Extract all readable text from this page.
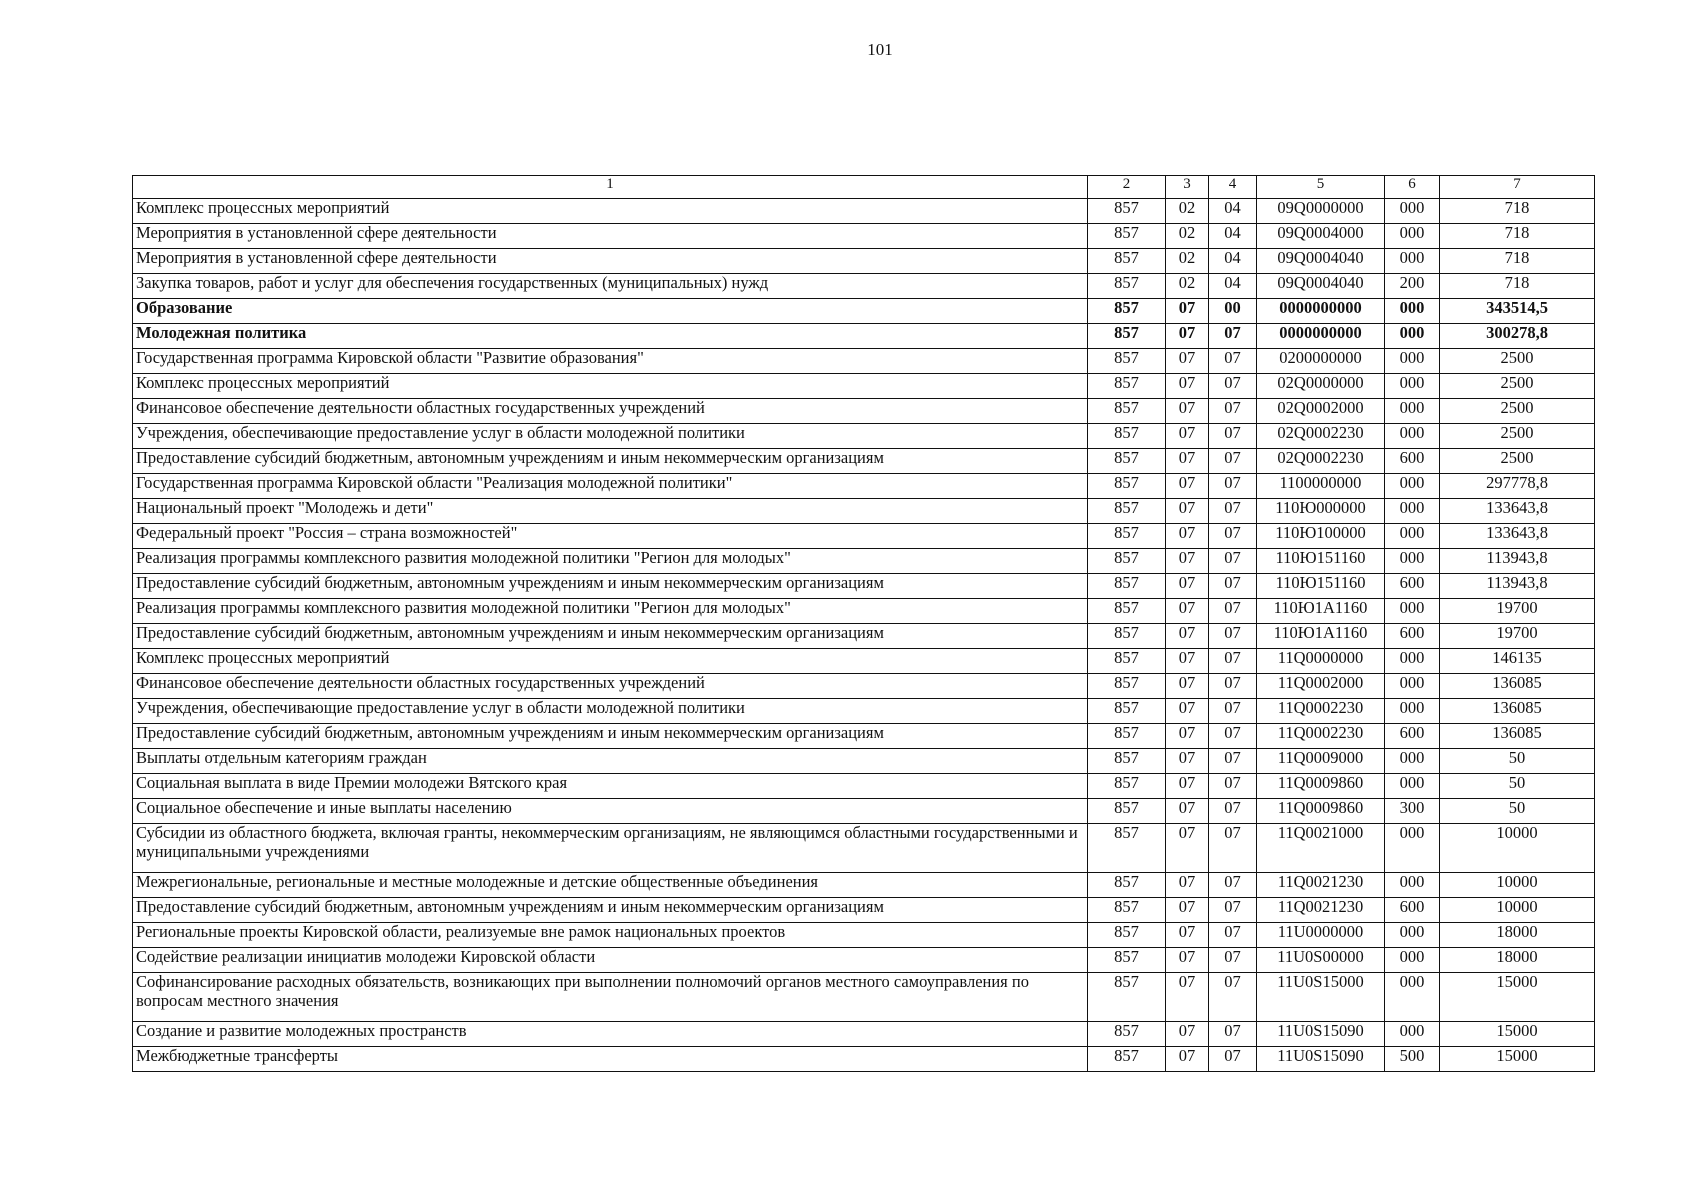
101
1	2	3	4	5	6	7
Комплекс процессных мероприятий	857	02	04	09Q0000000	000	718
Мероприятия в установленной сфере деятельности	857	02	04	09Q0004000	000	718
Мероприятия в установленной сфере деятельности	857	02	04	09Q0004040	000	718
Закупка товаров, работ и услуг для обеспечения государственных (муниципальных) нужд	857	02	04	09Q0004040	200	718
Образование	857	07	00	0000000000	000	343514,5
Молодежная политика	857	07	07	0000000000	000	300278,8
Государственная программа Кировской области "Развитие образования"	857	07	07	0200000000	000	2500
Комплекс процессных мероприятий	857	07	07	02Q0000000	000	2500
Финансовое обеспечение деятельности областных государственных учреждений	857	07	07	02Q0002000	000	2500
Учреждения, обеспечивающие предоставление услуг в области молодежной политики	857	07	07	02Q0002230	000	2500
Предоставление субсидий бюджетным, автономным учреждениям и иным некоммерческим организациям	857	07	07	02Q0002230	600	2500
Государственная программа Кировской области "Реализация молодежной политики"	857	07	07	1100000000	000	297778,8
Национальный проект "Молодежь и дети"	857	07	07	110Ю000000	000	133643,8
Федеральный проект "Россия – страна возможностей"	857	07	07	110Ю100000	000	133643,8
Реализация программы комплексного развития молодежной политики "Регион для молодых"	857	07	07	110Ю151160	000	113943,8
Предоставление субсидий бюджетным, автономным учреждениям и иным некоммерческим организациям	857	07	07	110Ю151160	600	113943,8
Реализация программы комплексного развития молодежной политики "Регион для молодых"	857	07	07	110Ю1А1160	000	19700
Предоставление субсидий бюджетным, автономным учреждениям и иным некоммерческим организациям	857	07	07	110Ю1А1160	600	19700
Комплекс процессных мероприятий	857	07	07	11Q0000000	000	146135
Финансовое обеспечение деятельности областных государственных учреждений	857	07	07	11Q0002000	000	136085
Учреждения, обеспечивающие предоставление услуг в области молодежной политики	857	07	07	11Q0002230	000	136085
Предоставление субсидий бюджетным, автономным учреждениям и иным некоммерческим организациям	857	07	07	11Q0002230	600	136085
Выплаты отдельным категориям граждан	857	07	07	11Q0009000	000	50
Социальная выплата в виде Премии молодежи Вятского края	857	07	07	11Q0009860	000	50
Социальное обеспечение и иные выплаты населению	857	07	07	11Q0009860	300	50
Субсидии из областного бюджета, включая гранты, некоммерческим организациям, не являющимся областными государственными и муниципальными учреждениями	857	07	07	11Q0021000	000	10000
Межрегиональные, региональные и местные молодежные и детские общественные объединения	857	07	07	11Q0021230	000	10000
Предоставление субсидий бюджетным, автономным учреждениям и иным некоммерческим организациям	857	07	07	11Q0021230	600	10000
Региональные проекты Кировской области, реализуемые вне рамок национальных проектов	857	07	07	11U0000000	000	18000
Содействие реализации инициатив молодежи Кировской области	857	07	07	11U0S00000	000	18000
Софинансирование расходных обязательств, возникающих при выполнении полномочий органов местного самоуправления по вопросам местного значения	857	07	07	11U0S15000	000	15000
Создание и развитие молодежных пространств	857	07	07	11U0S15090	000	15000
Межбюджетные трансферты	857	07	07	11U0S15090	500	15000
